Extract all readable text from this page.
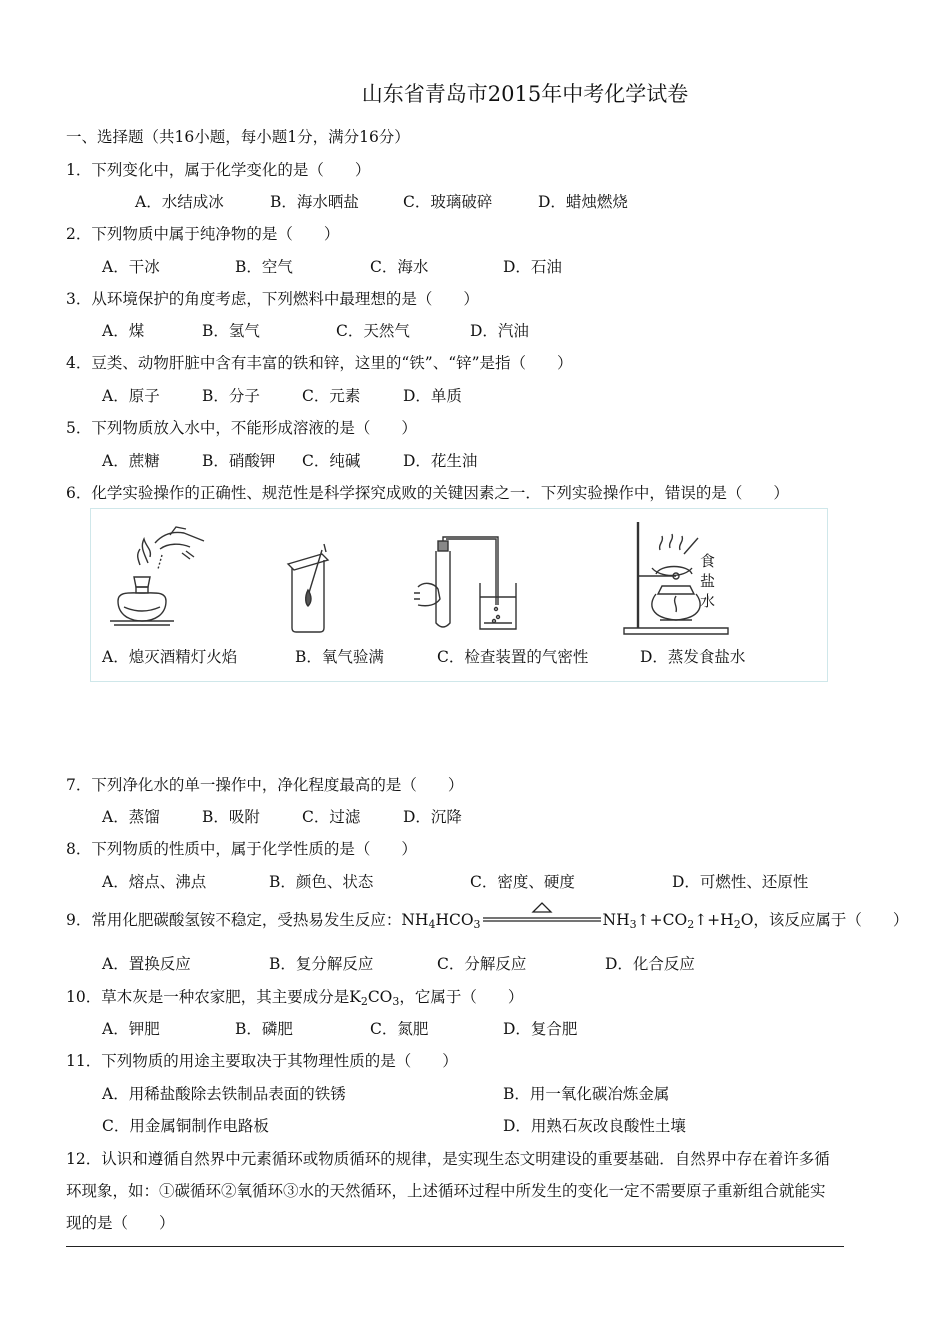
山东省青岛市2015年中考化学试卷
一、选择题（共16小题，每小题1分，满分16分）
1．下列变化中，属于化学变化的是（　　）
A．水结成冰	B．海水晒盐	C．玻璃破碎	D．蜡烛燃烧
2．下列物质中属于纯净物的是（　　）
A．干冰	B．空气	C．海水	D．石油
3．从环境保护的角度考虑，下列燃料中最理想的是（　　）
A．煤	B．氢气	C．天然气	D．汽油
4．豆类、动物肝脏中含有丰富的铁和锌，这里的“铁”、“锌”是指（　　）
A．原子	B．分子	C．元素	D．单质
5．下列物质放入水中，不能形成溶液的是（　　）
A．蔗糖	B．硝酸钾 C．纯碱	D．花生油
6．化学实验操作的正确性、规范性是科学探究成败的关键因素之一．下列实验操作中，错误的是（　　）
食
盐
水
A．熄灭酒精灯火焰	B．氧气验满	C．检查装置的气密性	D．蒸发食盐水
7．下列净化水的单一操作中，净化程度最高的是（　　）
A．蒸馏	B．吸附	C．过滤	D．沉降
8．下列物质的性质中，属于化学性质的是（　　）
A．熔点、沸点	B．颜色、状态	C．密度、硬度	D．可燃性、还原性
9．常用化肥碳酸氢铵不稳定，受热易发生反应：$NH_4HCO_3$	$NH_3↑+CO_2↑+H_2O$，该反应属于（　　）
A．置换反应	B．复分解反应	C．分解反应	D．化合反应
10．草木灰是一种农家肥，其主要成分是$K_2CO_3$，它属于（　　）
A．钾肥	B．磷肥	C．氮肥	D．复合肥
11．下列物质的用途主要取决于其物理性质的是（　　）
A．用稀盐酸除去铁制品表面的铁锈	B．用一氧化碳冶炼金属
C．用金属铜制作电路板	D．用熟石灰改良酸性土壤
12．认识和遵循自然界中元素循环或物质循环的规律，是实现生态文明建设的重要基础．自然界中存在着许多循
环现象，如：①碳循环②氧循环③水的天然循环，上述循环过程中所发生的变化一定不需要原子重新组合就能实
现的是（　　）
